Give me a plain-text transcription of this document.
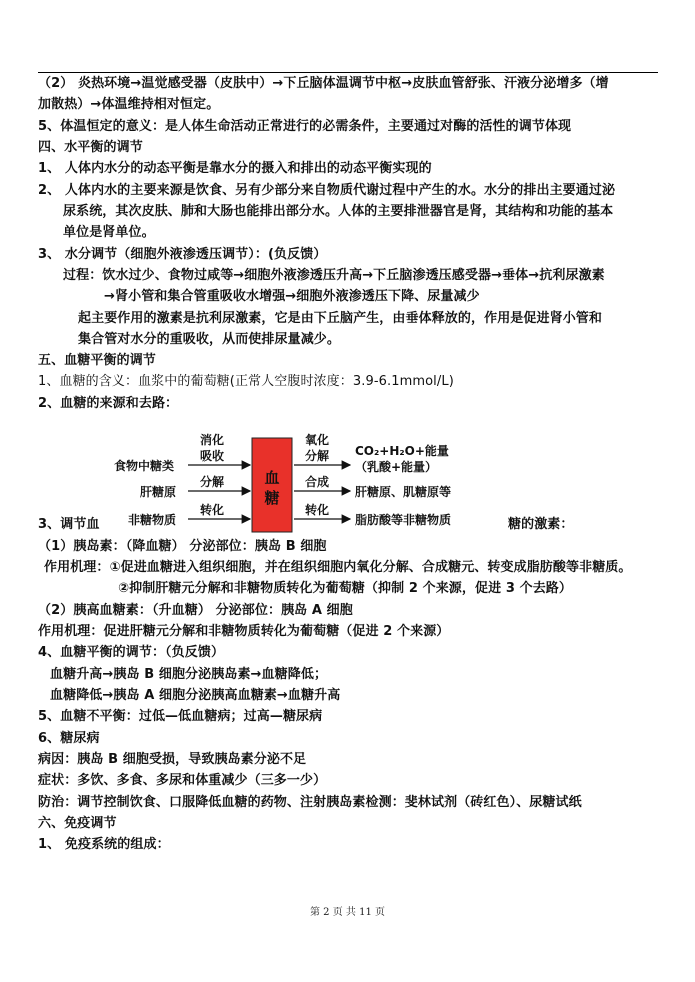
（2） 炎热环境→温觉感受器（皮肤中）→下丘脑体温调节中枢→皮肤血管舒张、汗液分泌增多（增
加散热）→体温维持相对恒定。
5、体温恒定的意义：是人体生命活动正常进行的必需条件，主要通过对酶的活性的调节体现
四、水平衡的调节
1、 人体内水分的动态平衡是靠水分的摄入和排出的动态平衡实现的
2、 人体内水的主要来源是饮食、另有少部分来自物质代谢过程中产生的水。水分的排出主要通过泌
尿系统，其次皮肤、肺和大肠也能排出部分水。人体的主要排泄器官是肾，其结构和功能的基本
单位是肾单位。
3、 水分调节（细胞外液渗透压调节）：(负反馈）
过程：饮水过少、食物过咸等→细胞外液渗透压升高→下丘脑渗透压感受器→垂体→抗利尿激素
→肾小管和集合管重吸收水增强→细胞外液渗透压下降、尿量减少
起主要作用的激素是抗利尿激素，它是由下丘脑产生，由垂体释放的，作用是促进肾小管和
集合管对水分的重吸收，从而使排尿量减少。
五、血糖平衡的调节
1、血糖的含义：血浆中的葡萄糖(正常人空腹时浓度：3.9-6.1mmol/L)
2、血糖的来源和去路：
血
糖
食物中糖类
肝糖原
非糖物质
消化
吸收
分解
转化
氧化
分解
合成
转化
CO₂+H₂O+能量
（乳酸+能量）
肝糖原、肌糖原等
脂肪酸等非糖物质
3、调节血	糖的激素：
（1）胰岛素：（降血糖） 分泌部位：胰岛 B 细胞
作用机理：①促进血糖进入组织细胞，并在组织细胞内氧化分解、合成糖元、转变成脂肪酸等非糖质。
②抑制肝糖元分解和非糖物质转化为葡萄糖（抑制 2 个来源，促进 3 个去路）
（2）胰高血糖素：（升血糖） 分泌部位：胰岛 A 细胞
作用机理：促进肝糖元分解和非糖物质转化为葡萄糖（促进 2 个来源）
4、血糖平衡的调节：（负反馈）
血糖升高→胰岛 B 细胞分泌胰岛素→血糖降低；
血糖降低→胰岛 A 细胞分泌胰高血糖素→血糖升高
5、血糖不平衡：过低—低血糖病；过高—糖尿病
6、糖尿病
病因：胰岛 B 细胞受损，导致胰岛素分泌不足
症状：多饮、多食、多尿和体重减少（三多一少）
防治：调节控制饮食、口服降低血糖的药物、注射胰岛素检测：斐林试剂（砖红色）、尿糖试纸
六、免疫调节
1、 免疫系统的组成：
第 2 页 共 11 页
